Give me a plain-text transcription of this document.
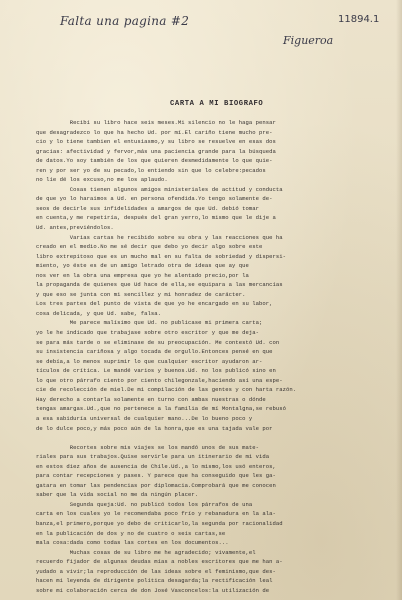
Falta una pagina #2
Figueroa
11894.1
CARTA A MI BIOGRAFO
Recibí su libro hace seis meses.Mi silencio no le haga pensar
que desagradezco lo que ha hecho Ud. por mí.El cariño tiene mucho pre-
cio y lo tiene tambien el entusiasmo,y su libro se resuelve en esas dos
gracias: afectividad y fervor,más una paciencia grande para la búsqueda
de datos.Yo soy también de los que quieren desmedidamente lo que quie-
ren y por ser yo de su pecado,lo entiendo sin que lo celebre:pecados
no líe dé los excuso,no me los aplaudo.
Cosas tienen algunos amigos ministeriales de actitud y conducta
de que yo lo haraimos a Ud. en persona ofendida.Yo tengo solamente de-
seos de decirle sus infidelidades a amargos de que Ud. debió tomar
en cuenta,y me repetiría, después del gran yerro,lo mismo que le dije a
Ud. antes,previéndolos.
Varias cartas he recibido sobre su obra y las reacciones que ha
creado en el medio.No me sé decir que debo yo decir algo sobre este
libro extrepitoso que es un mucho mal en su falta de sobriedad y dispersi-
miento, yo éste es de un amigo letrado otra de ideas que ay que
nos ver en la obra una empresa que yo he alentado precio,por la
la propaganda de quienes que Ud hace de ella,se equipara a las mercancías
y que eso se junta con mi sencillez y mi honradez de carácter.
Los tres partes del punto de vista de que yo he encargado en su labor,
cosa delicada, y que Ud. sabe, falsa.
Me parece malísimo que Ud. no publicase mi primera carta;
yo le he indicado que trabajase sobre otro escritor y que me deja-
se para más tarde o se eliminase de su preocupación. Me contestó Ud. con
su insistencia cariñosa y algo tocada de orgullo.Entonces pensé en que
se debía,a lo menos suprimir lo que cualquier escritor ayudaron ar-
tículos de crítica. Le mandé varios y buenos.Ud. no los publicó sino en
lo que otro párrafo ciento por ciento chilegonzale,haciendo así una espe-
cie de recolección de miel.De mi compilación de las gentes y con harta razón.
Hay derecho a contarla solamente en turno con ambas nuestras o dónde
tengas amargas.Ud.,que no pertenece a la familia de mí Montalgna,se rebusó
a esa sabiduría universal de cualquier mano...De lo bueno poco y
de lo dulce poco,y más poco aún de la honra,que es una tajada vale por
Recortes sobre mis viajes se los mandó unos de sus mate-
riales para sus trabajos.Quise servirle para un itinerario de mi vida
en estos diez años de ausencia de Chile.Ud.,a lo mismo,los usó enteros,
para contar recepciones y pases. Y parece que ha conseguido que les ga-
gatara en tomar las pendencias por diplomacia.Comprobará que me conocen
saber que la vida social no me da ningún placer.
Segunda queja:Ud. no publicó todos los párrafos de una
carta en los cuales yo le recomendaba poco frío y rebanadura en la ala-
banza,el primero,porque yo debo de criticarlo,la segunda por racionalidad
en la publicación de dos y no de cuatro o seis cartas,se
mala cosa:dada como todas las cortes en los documentos...
Muchas cosas de su libro me he agradecido; vivamente,el
recuerdo fijador de algunas deudas mías a nobles escritores que me han a-
yudado a vivir;la reproducción de las ideas sobre el feminismo,que des-
hacen mi leyenda de dirigente política desagarda;la rectificación leal
sobre mi colaboración cerca de don José Vasconcelos:la utilización de
